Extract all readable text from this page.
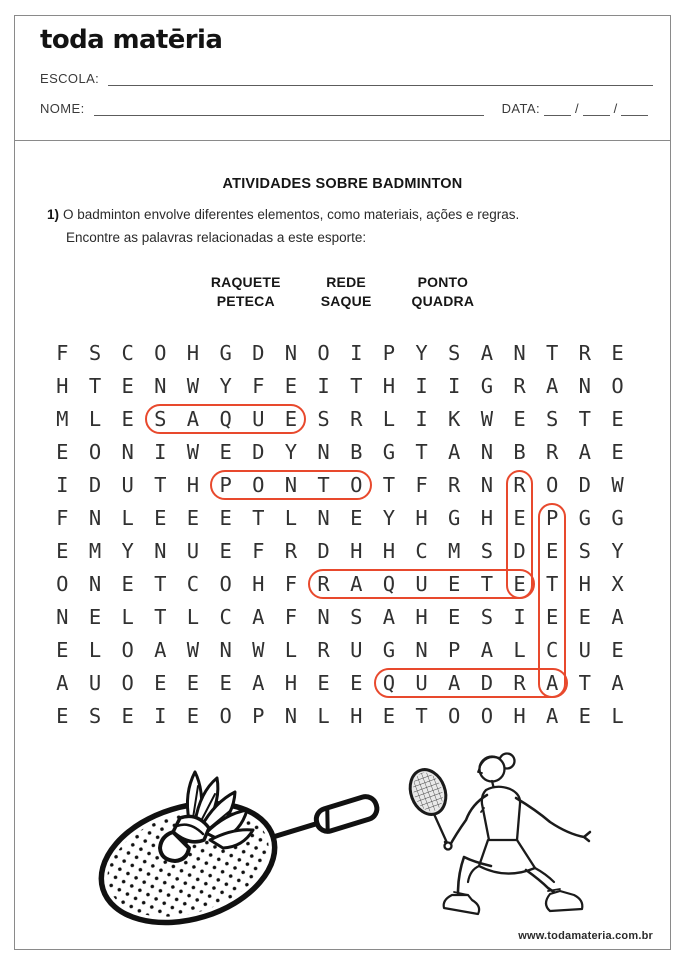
toda matēria
ESCOLA:
NOME:	DATA:	/	/
ATIVIDADES SOBRE BADMINTON
1) O badminton envolve diferentes elementos, como materiais, ações e regras.
Encontre as palavras relacionadas a este esporte:
RAQUETE
PETECA
REDE
SAQUE
PONTO
QUADRA
F S C O H G D N O I P Y S A N T R E
H T E N W Y F E I T H I I G R A N O
M L E S A Q U E S R L I K W E S T E
E O N I W E D Y N B G T A N B R A E
I D U T H P O N T O T F R N R O D W
F N L E E E T L N E Y H G H E P G G
E M Y N U E F R D H H C M S D E S Y
O N E T C O H F R A Q U E T E T H X
N E L T L C A F N S A H E S I E E A
E L O A W N W L R U G N P A L C U E
A U O E E E A H E E Q U A D R A T A
E S E I E O P N L H E T O O H A E L
www.todamateria.com.br
